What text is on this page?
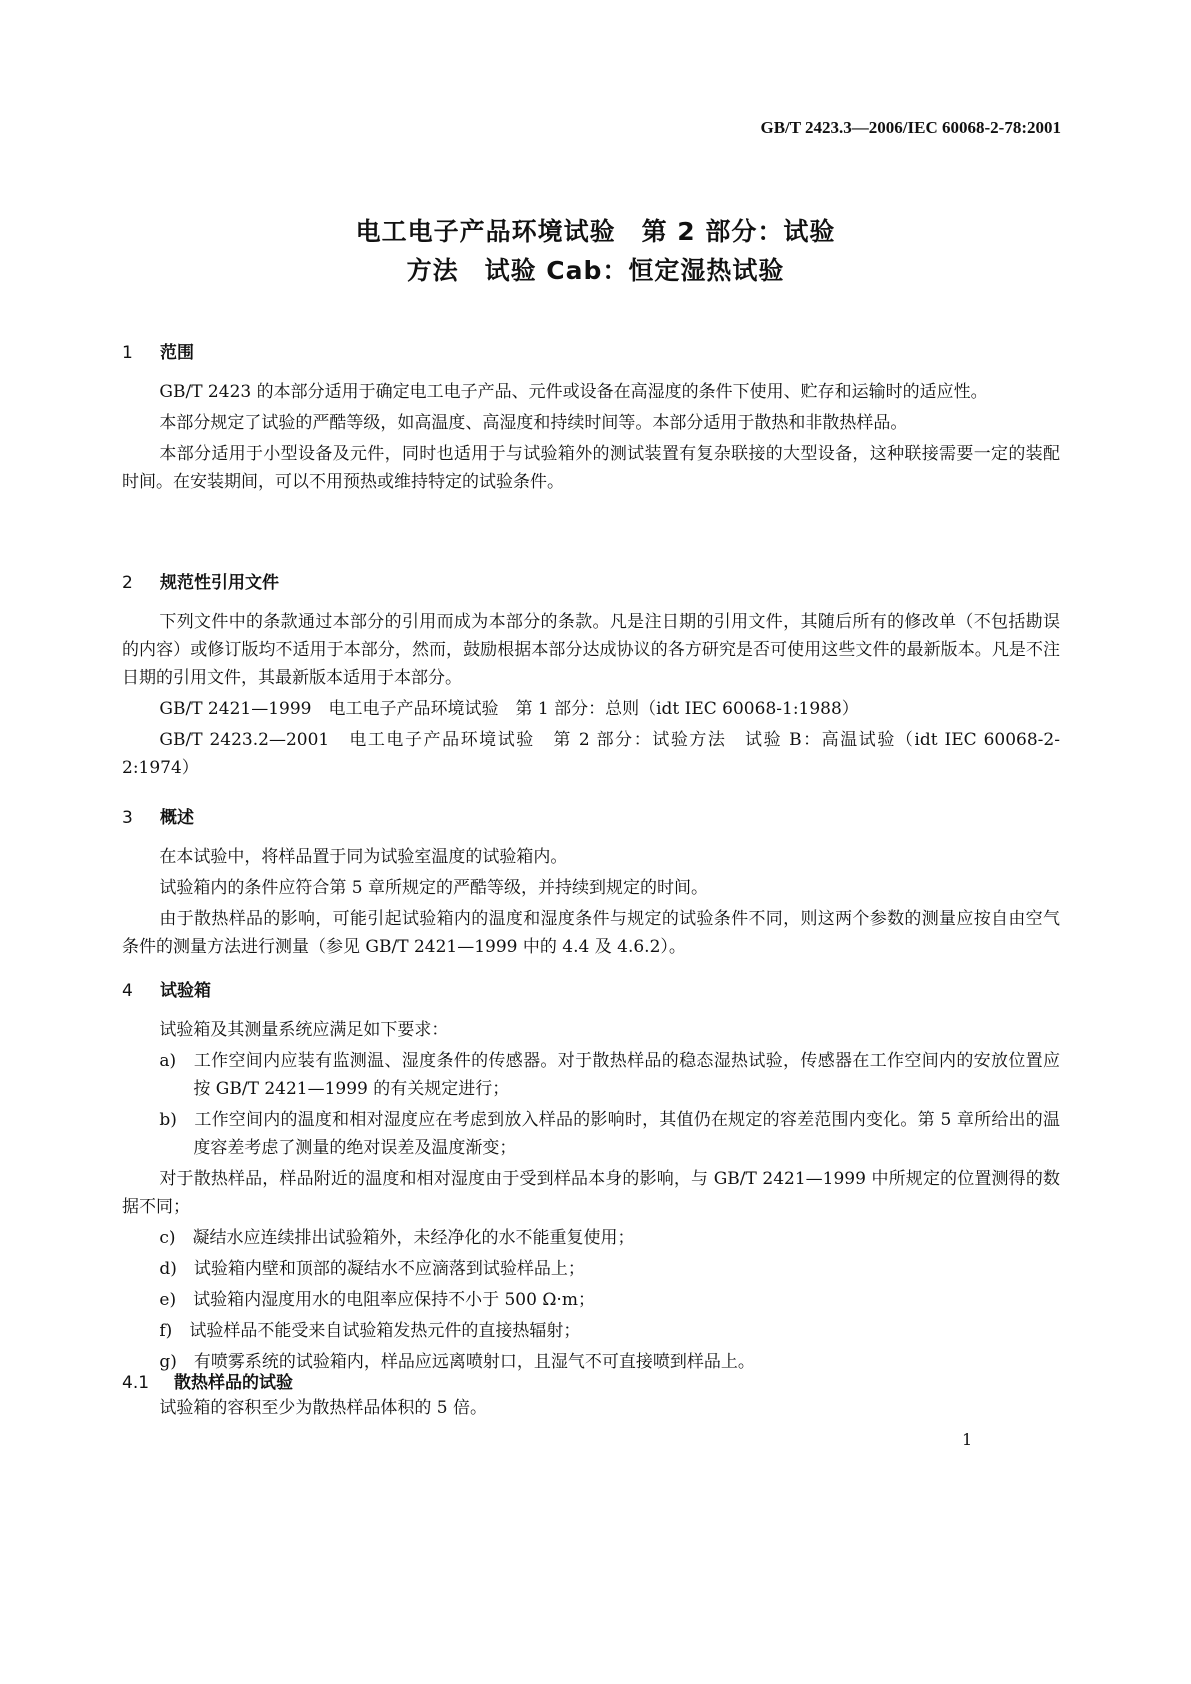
GB/T 2423.3—2006/IEC 60068-2-78:2001
电工电子产品环境试验　第 2 部分：试验
方法　试验 Cab：恒定湿热试验
1 范围

GB/T 2423 的本部分适用于确定电工电子产品、元件或设备在高湿度的条件下使用、贮存和运输时的适应性。

本部分规定了试验的严酷等级，如高温度、高湿度和持续时间等。本部分适用于散热和非散热样品。

本部分适用于小型设备及元件，同时也适用于与试验箱外的测试装置有复杂联接的大型设备，这种联接需要一定的装配时间。在安装期间，可以不用预热或维持特定的试验条件。

2 规范性引用文件

下列文件中的条款通过本部分的引用而成为本部分的条款。凡是注日期的引用文件，其随后所有的修改单（不包括勘误的内容）或修订版均不适用于本部分，然而，鼓励根据本部分达成协议的各方研究是否可使用这些文件的最新版本。凡是不注日期的引用文件，其最新版本适用于本部分。

GB/T 2421—1999　电工电子产品环境试验　第 1 部分：总则（idt IEC 60068-1:1988）

GB/T 2423.2—2001　电工电子产品环境试验　第 2 部分：试验方法　试验 B：高温试验（idt IEC 60068-2-2:1974）

3 概述

在本试验中，将样品置于同为试验室温度的试验箱内。

试验箱内的条件应符合第 5 章所规定的严酷等级，并持续到规定的时间。

由于散热样品的影响，可能引起试验箱内的温度和湿度条件与规定的试验条件不同，则这两个参数的测量应按自由空气条件的测量方法进行测量（参见 GB/T 2421—1999 中的 4.4 及 4.6.2）。

4 试验箱

试验箱及其测量系统应满足如下要求：

a)　工作空间内应装有监测温、湿度条件的传感器。对于散热样品的稳态湿热试验，传感器在工作空间内的安放位置应按 GB/T 2421—1999 的有关规定进行；

b)　工作空间内的温度和相对湿度应在考虑到放入样品的影响时，其值仍在规定的容差范围内变化。第 5 章所给出的温度容差考虑了测量的绝对误差及温度渐变；

对于散热样品，样品附近的温度和相对湿度由于受到样品本身的影响，与 GB/T 2421—1999 中所规定的位置测得的数据不同；

c)　凝结水应连续排出试验箱外，未经净化的水不能重复使用；

d)　试验箱内壁和顶部的凝结水不应滴落到试验样品上；

e)　试验箱内湿度用水的电阻率应保持不小于 500 Ω·m；

f)　试验样品不能受来自试验箱发热元件的直接热辐射；

g)　有喷雾系统的试验箱内，样品应远离喷射口，且湿气不可直接喷到样品上。

4.1 散热样品的试验

试验箱的容积至少为散热样品体积的 5 倍。

1
